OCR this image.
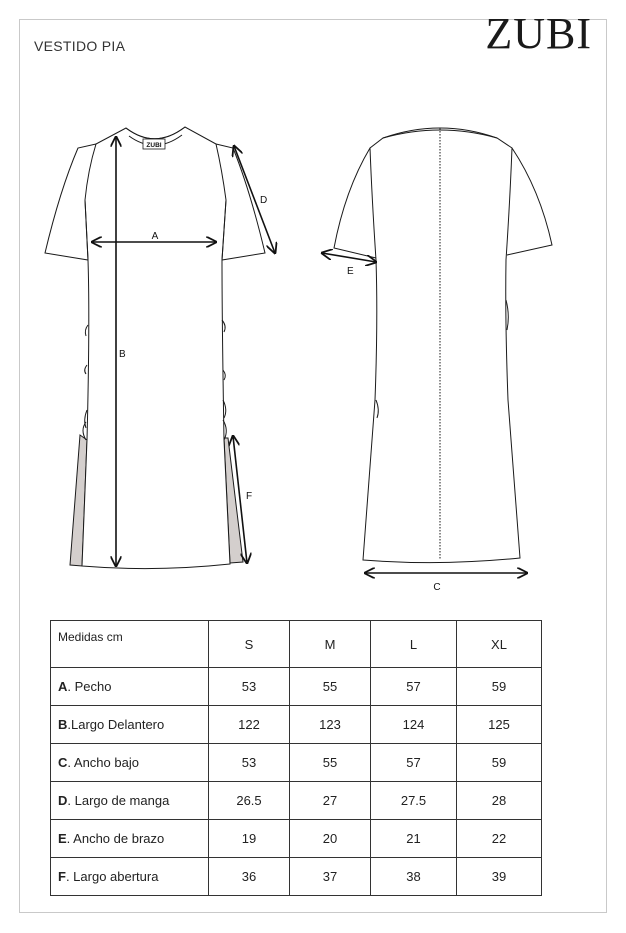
VESTIDO PIA	ZUBI
ZUBI
A
B
D
F
E
C
Medidas cm	S	M	L	XL
A. Pecho	53	55	57	59
B.Largo Delantero	122	123	124	125
C. Ancho bajo	53	55	57	59
D. Largo de manga	26.5	27	27.5	28
E. Ancho de brazo	19	20	21	22
F. Largo abertura	36	37	38	39
